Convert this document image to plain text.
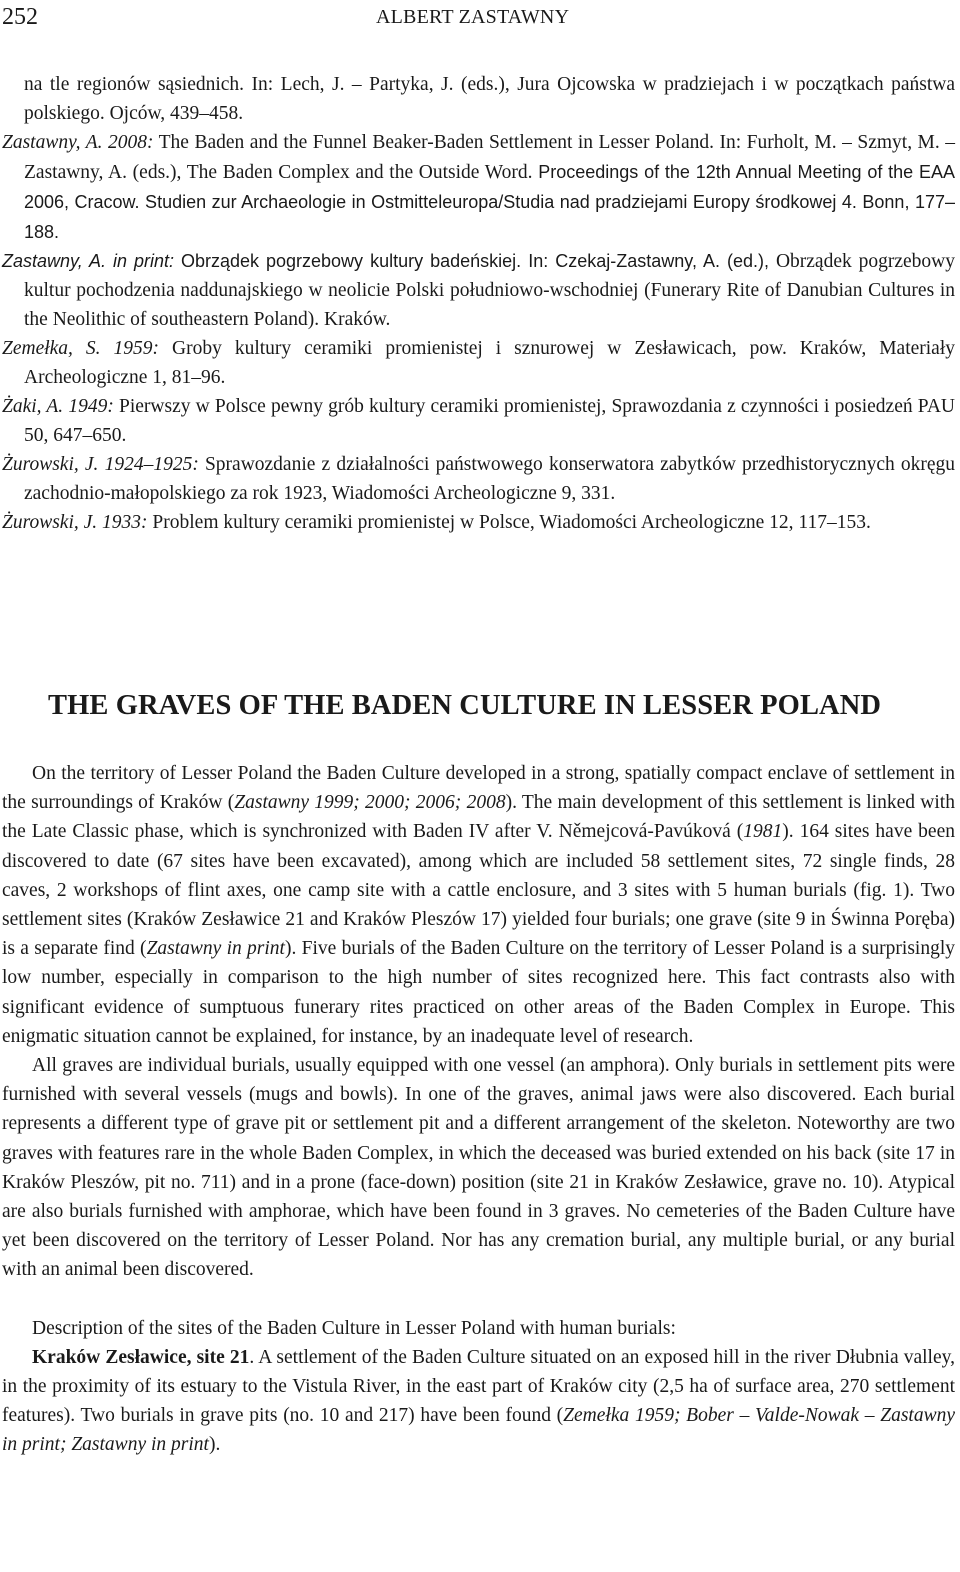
252	ALBERT ZASTAWNY
na tle regionów sąsiednich. In: Lech, J. – Partyka, J. (eds.), Jura Ojcowska w pradziejach i w początkach państwa polskiego. Ojców, 439–458.
Zastawny, A. 2008: The Baden and the Funnel Beaker-Baden Settlement in Lesser Poland. In: Furholt, M. – Szmyt, M. – Zastawny, A. (eds.), The Baden Complex and the Outside Word. Proceedings of the 12th Annual Meeting of the EAA 2006, Cracow. Studien zur Archaeologie in Ostmitteleuropa/Studia nad pradziejami Europy środkowej 4. Bonn, 177–188.
Zastawny, A. in print: Obrządek pogrzebowy kultury badeńskiej. In: Czekaj-Zastawny, A. (ed.), Obrządek pogrzebowy kultur pochodzenia naddunajskiego w neolicie Polski południowo-wschodniej (Funerary Rite of Danubian Cultures in the Neolithic of southeastern Poland). Kraków.
Zemełka, S. 1959: Groby kultury ceramiki promienistej i sznurowej w Zesławicach, pow. Kraków, Materiały Archeologiczne 1, 81–96.
Żaki, A. 1949: Pierwszy w Polsce pewny grób kultury ceramiki promienistej, Sprawozdania z czynności i posiedzeń PAU 50, 647–650.
Żurowski, J. 1924–1925: Sprawozdanie z działalności państwowego konserwatora zabytków przedhistorycznych okręgu zachodnio-małopolskiego za rok 1923, Wiadomości Archeologiczne 9, 331.
Żurowski, J. 1933: Problem kultury ceramiki promienistej w Polsce, Wiadomości Archeologiczne 12, 117–153.
THE GRAVES OF THE BADEN CULTURE IN LESSER POLAND

On the territory of Lesser Poland the Baden Culture developed in a strong, spatially compact enclave of settlement in the surroundings of Kraków (Zastawny 1999; 2000; 2006; 2008). The main development of this settlement is linked with the Late Classic phase, which is synchronized with Baden IV after V. Němejcová-Pavúková (1981). 164 sites have been discovered to date (67 sites have been excavated), among which are included 58 settlement sites, 72 single finds, 28 caves, 2 workshops of flint axes, one camp site with a cattle enclosure, and 3 sites with 5 human burials (fig. 1). Two settlement sites (Kraków Zesławice 21 and Kraków Pleszów 17) yielded four burials; one grave (site 9 in Świnna Poręba) is a separate find (Zastawny in print). Five burials of the Baden Culture on the territory of Lesser Poland is a surprisingly low number, especially in comparison to the high number of sites recognized here. This fact contrasts also with significant evidence of sumptuous funerary rites practiced on other areas of the Baden Complex in Europe. This enigmatic situation cannot be explained, for instance, by an inadequate level of research.

All graves are individual burials, usually equipped with one vessel (an amphora). Only burials in settlement pits were furnished with several vessels (mugs and bowls). In one of the graves, animal jaws were also discovered. Each burial represents a different type of grave pit or settlement pit and a different arrangement of the skeleton. Noteworthy are two graves with features rare in the whole Baden Complex, in which the deceased was buried extended on his back (site 17 in Kraków Pleszów, pit no. 711) and in a prone (face-down) position (site 21 in Kraków Zesławice, grave no. 10). Atypical are also burials furnished with amphorae, which have been found in 3 graves. No cemeteries of the Baden Culture have yet been discovered on the territory of Lesser Poland. Nor has any cremation burial, any multiple burial, or any burial with an animal been discovered.

Description of the sites of the Baden Culture in Lesser Poland with human burials:

Kraków Zesławice, site 21. A settlement of the Baden Culture situated on an exposed hill in the river Dłubnia valley, in the proximity of its estuary to the Vistula River, in the east part of Kraków city (2,5 ha of surface area, 270 settlement features). Two burials in grave pits (no. 10 and 217) have been found (Zemełka 1959; Bober – Valde-Nowak – Zastawny in print; Zastawny in print).
